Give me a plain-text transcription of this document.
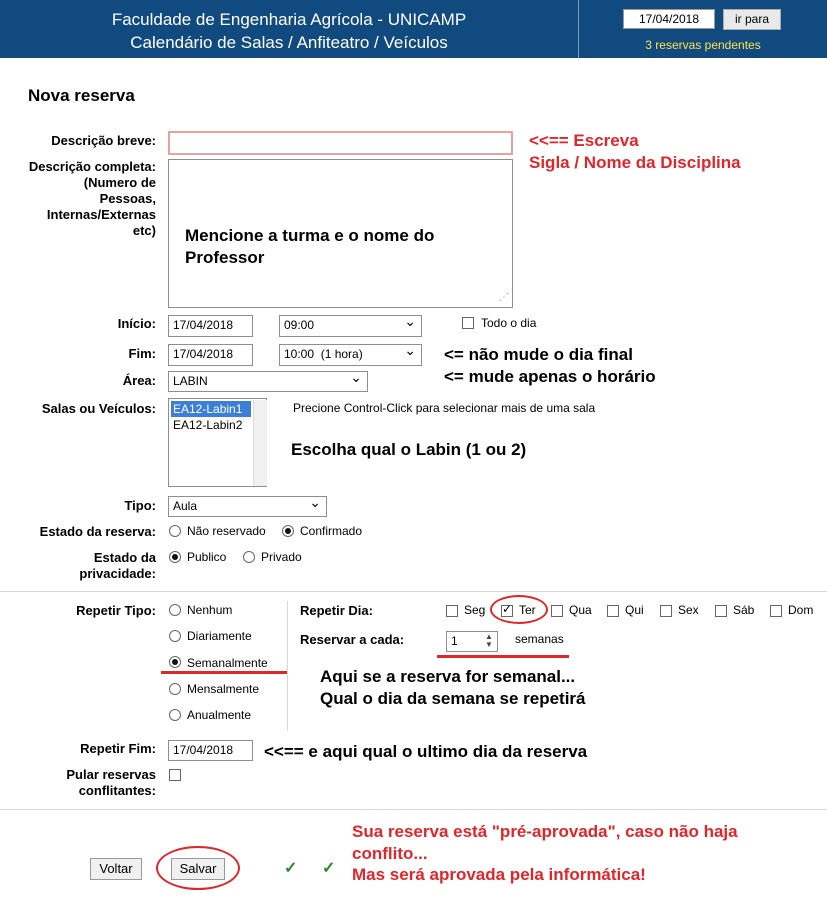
Faculdade de Engenharia Agrícola - UNICAMP
Calendário de Salas / Anfiteatro / Veículos
17/04/2018	ir para
3 reservas pendentes
Nova reserva
Descrição breve:	<<== Escreva
Sigla / Nome da Disciplina
Descrição completa:
(Numero de
Pessoas,
Internas/Externas
etc)
⋰
Mencione a turma e o nome do
Professor
Início:	17/04/2018	09:00 ⌄	Todo o dia
Fim:	17/04/2018	10:00  (1 hora) ⌄	<= não mude o dia final
<= mude apenas o horário
Área:	LABIN ⌄
Salas ou Veículos: EA12-Labin1
EA12-Labin2
Precione Control-Click para selecionar mais de uma sala
Escolha qual o Labin (1 ou 2)
Tipo:	Aula ⌄
Estado da reserva:	Não reservado	Confirmado
Estado da
privacidade:
Publico	Privado
Repetir Tipo:	Nenhum
Diariamente
Semanalmente
Mensalmente
Anualmente
Repetir Dia:	Seg ✓ Ter	Qua	Qui	Sex	Sáb	Dom
Reservar a cada:	1	▲
▼ semanas
Aqui se a reserva for semanal...
Qual o dia da semana se repetirá
Repetir Fim:	17/04/2018	<<== e aqui qual o ultimo dia da reserva
Pular reservas
conflitantes:
Voltar	Salvar	✓ ✓
Sua reserva está "pré-aprovada", caso não haja
conflito...
Mas será aprovada pela informática!
